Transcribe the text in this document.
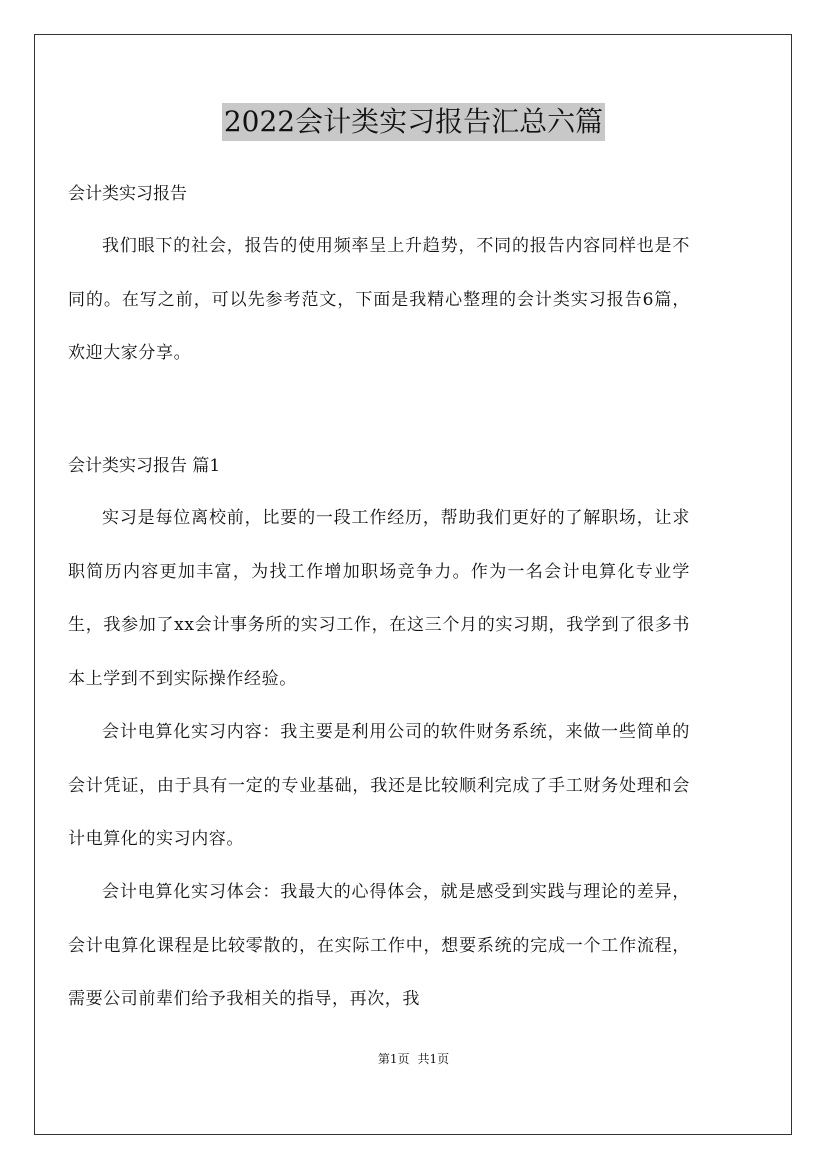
2022会计类实习报告汇总六篇
会计类实习报告

我们眼下的社会，报告的使用频率呈上升趋势，不同的报告内容同样也是不同的。在写之前，可以先参考范文，下面是我精心整理的会计类实习报告6篇，欢迎大家分享。

会计类实习报告 篇1

实习是每位离校前，比要的一段工作经历，帮助我们更好的了解职场，让求职简历内容更加丰富，为找工作增加职场竞争力。作为一名会计电算化专业学生，我参加了xx会计事务所的实习工作，在这三个月的实习期，我学到了很多书本上学到不到实际操作经验。

会计电算化实习内容：我主要是利用公司的软件财务系统，来做一些简单的会计凭证，由于具有一定的专业基础，我还是比较顺利完成了手工财务处理和会计电算化的实习内容。

会计电算化实习体会：我最大的心得体会，就是感受到实践与理论的差异，会计电算化课程是比较零散的，在实际工作中，想要系统的完成一个工作流程，需要公司前辈们给予我相关的指导，再次，我

第1页 共1页
